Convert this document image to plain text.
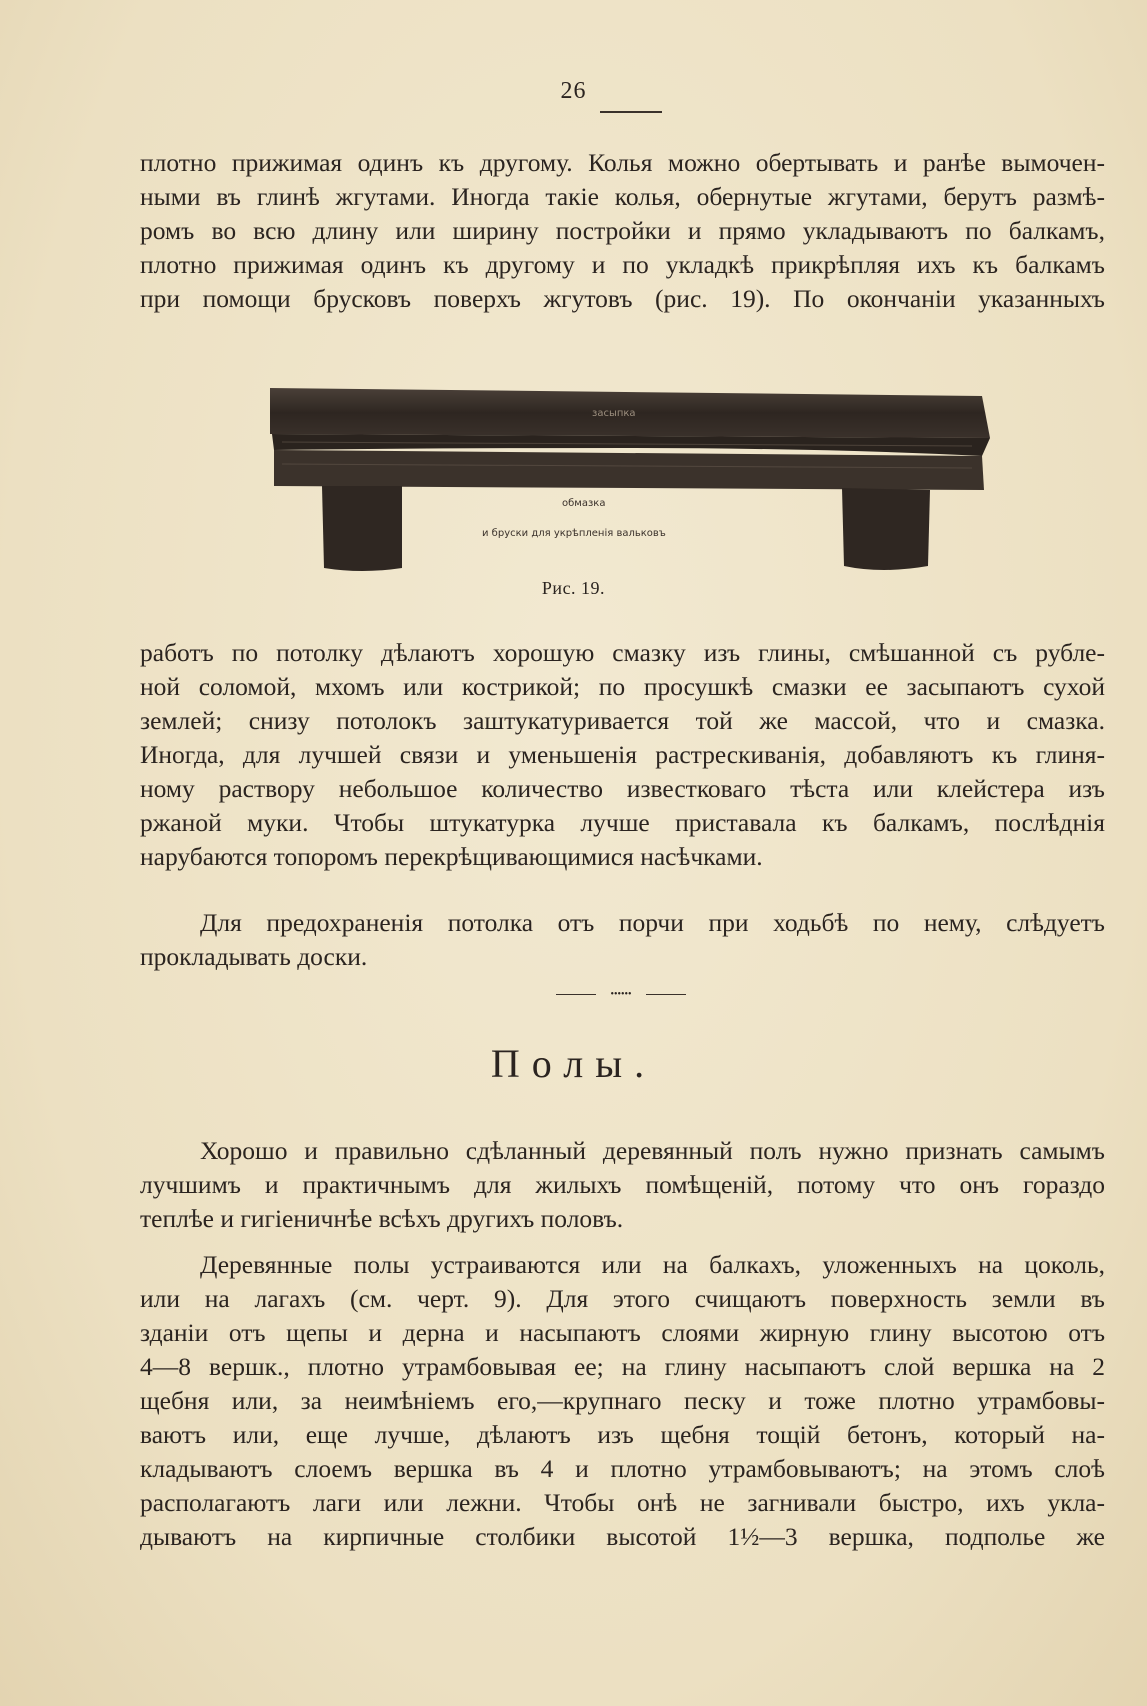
26
плотно прижимая одинъ къ другому. Колья можно обертывать и ранѣе вымочен-
ными въ глинѣ жгутами. Иногда такіе колья, обернутые жгутами, берутъ размѣ-
ромъ во всю длину или ширину постройки и прямо укладываютъ по балкамъ,
плотно прижимая одинъ къ другому и по укладкѣ прикрѣпляя ихъ къ балкамъ
при помощи брусковъ поверхъ жгутовъ (рис. 19). По окончаніи указанныхъ
засыпка
обмазка
и бруски для укрѣпленія вальковъ
Рис. 19.
работъ по потолку дѣлаютъ хорошую смазку изъ глины, смѣшанной съ рубле-
ной соломой, мхомъ или кострикой; по просушкѣ смазки ее засыпаютъ сухой
землей; снизу потолокъ заштукатуривается той же массой, что и смазка.
Иногда, для лучшей связи и уменьшенія растрескиванія, добавляютъ къ глиня-
ному раствору небольшое количество известковаго тѣста или клейстера изъ
ржаной муки. Чтобы штукатурка лучше приставала къ балкамъ, послѣднія
нарубаются топоромъ перекрѣщивающимися насѣчками.
Для предохраненія потолка отъ порчи при ходьбѣ по нему, слѣдуетъ
прокладывать доски.
••••••
Полы.
Хорошо и правильно сдѣланный деревянный полъ нужно признать самымъ
лучшимъ и практичнымъ для жилыхъ помѣщеній, потому что онъ гораздо
теплѣе и гигіеничнѣе всѣхъ другихъ половъ.
Деревянные полы устраиваются или на балкахъ, уложенныхъ на цоколь,
или на лагахъ (см. черт. 9). Для этого счищаютъ поверхность земли въ
зданіи отъ щепы и дерна и насыпаютъ слоями жирную глину высотою отъ
4—8 вершк., плотно утрамбовывая ее; на глину насыпаютъ слой вершка на 2
щебня или, за неимѣніемъ его,—крупнаго песку и тоже плотно утрамбовы-
ваютъ или, еще лучше, дѣлаютъ изъ щебня тощій бетонъ, который на-
кладываютъ слоемъ вершка въ 4 и плотно утрамбовываютъ; на этомъ слоѣ
располагаютъ лаги или лежни. Чтобы онѣ не загнивали быстро, ихъ укла-
дываютъ на кирпичные столбики высотой 1½—3 вершка, подполье же
